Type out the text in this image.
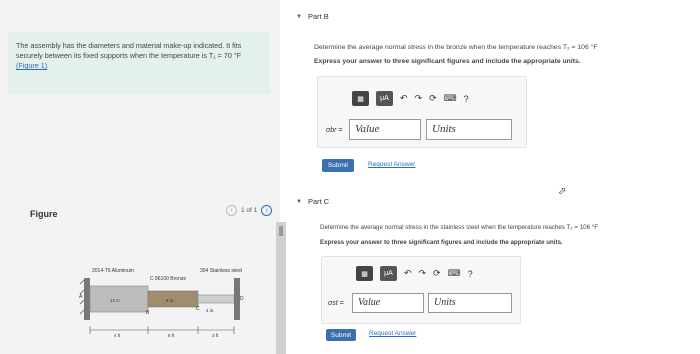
The assembly has the diameters and material make-up indicated. It fits securely between its fixed supports when the temperature is T₁ = 70 °F
(Figure 1)
Figure	‹	1 of 1	›
2014-T6 Aluminum
C 86100 Bronze
304 Stainless steel
A
B
C
D
12 in.	8 in.
4 in.
4 ft	6 ft	3 ft
▼ Part B
Determine the average normal stress in the bronze when the temperature reaches T₂ = 106 °F
Express your answer to three significant figures and include the appropriate units.
▦	μA	↶ ↷ ⟳ ⌨ ?
σbr =	Value	Units
Submit	Request Answer
▼ Part C
Determine the average normal stress in the stainless steel when the temperature reaches T₂ = 106 °F
Express your answer to three significant figures and include the appropriate units.
▦	μA	↶ ↷ ⟳ ⌨ ?
σst =	Value	Units
Submit	Request Answer
⬀
